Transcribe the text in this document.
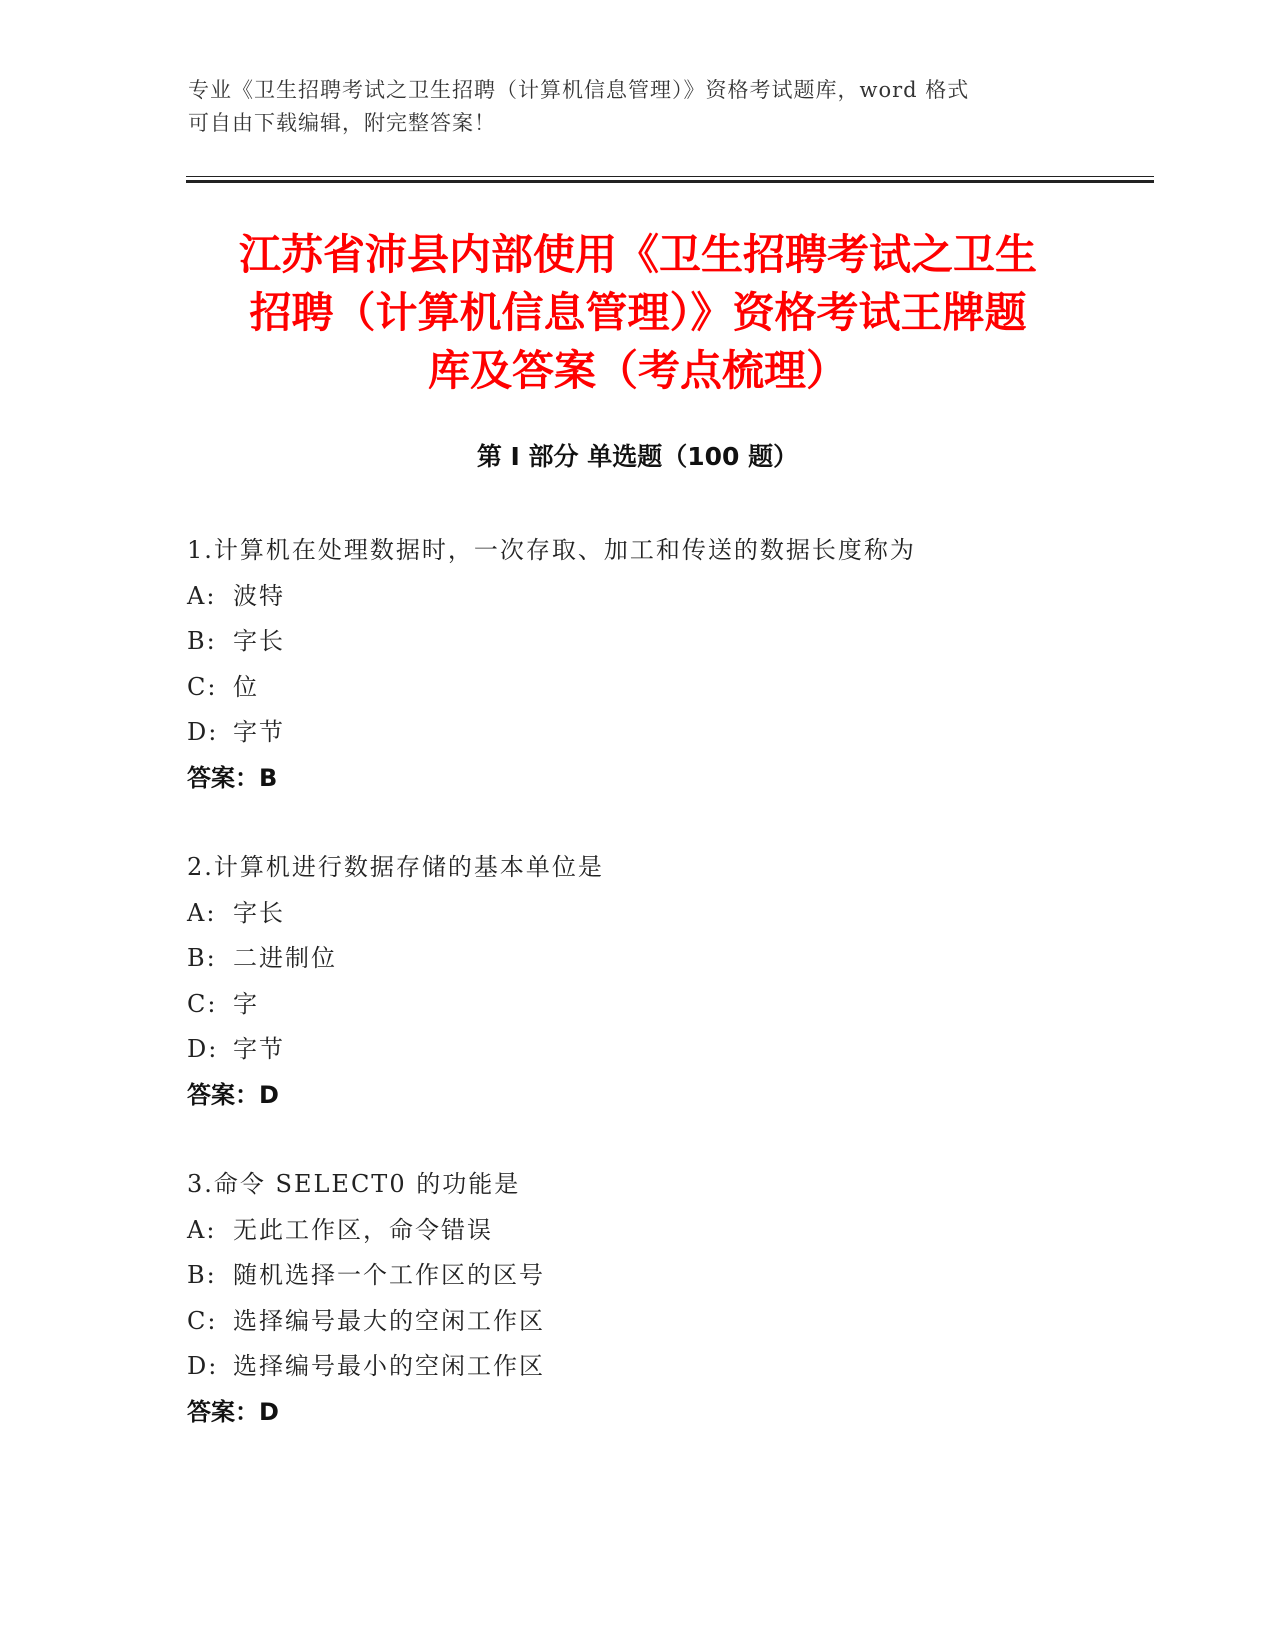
专业《卫生招聘考试之卫生招聘（计算机信息管理）》资格考试题库，word 格式
可自由下载编辑，附完整答案！
江苏省沛县内部使用《卫生招聘考试之卫生
招聘（计算机信息管理）》资格考试王牌题
库及答案（考点梳理）
第 I 部分 单选题（100 题）
1.计算机在处理数据时，一次存取、加工和传送的数据长度称为
A: 波特
B: 字长
C: 位
D: 字节
答案：B
2.计算机进行数据存储的基本单位是
A: 字长
B: 二进制位
C: 字
D: 字节
答案：D
3.命令 SELECT0 的功能是
A: 无此工作区，命令错误
B: 随机选择一个工作区的区号
C: 选择编号最大的空闲工作区
D: 选择编号最小的空闲工作区
答案：D
